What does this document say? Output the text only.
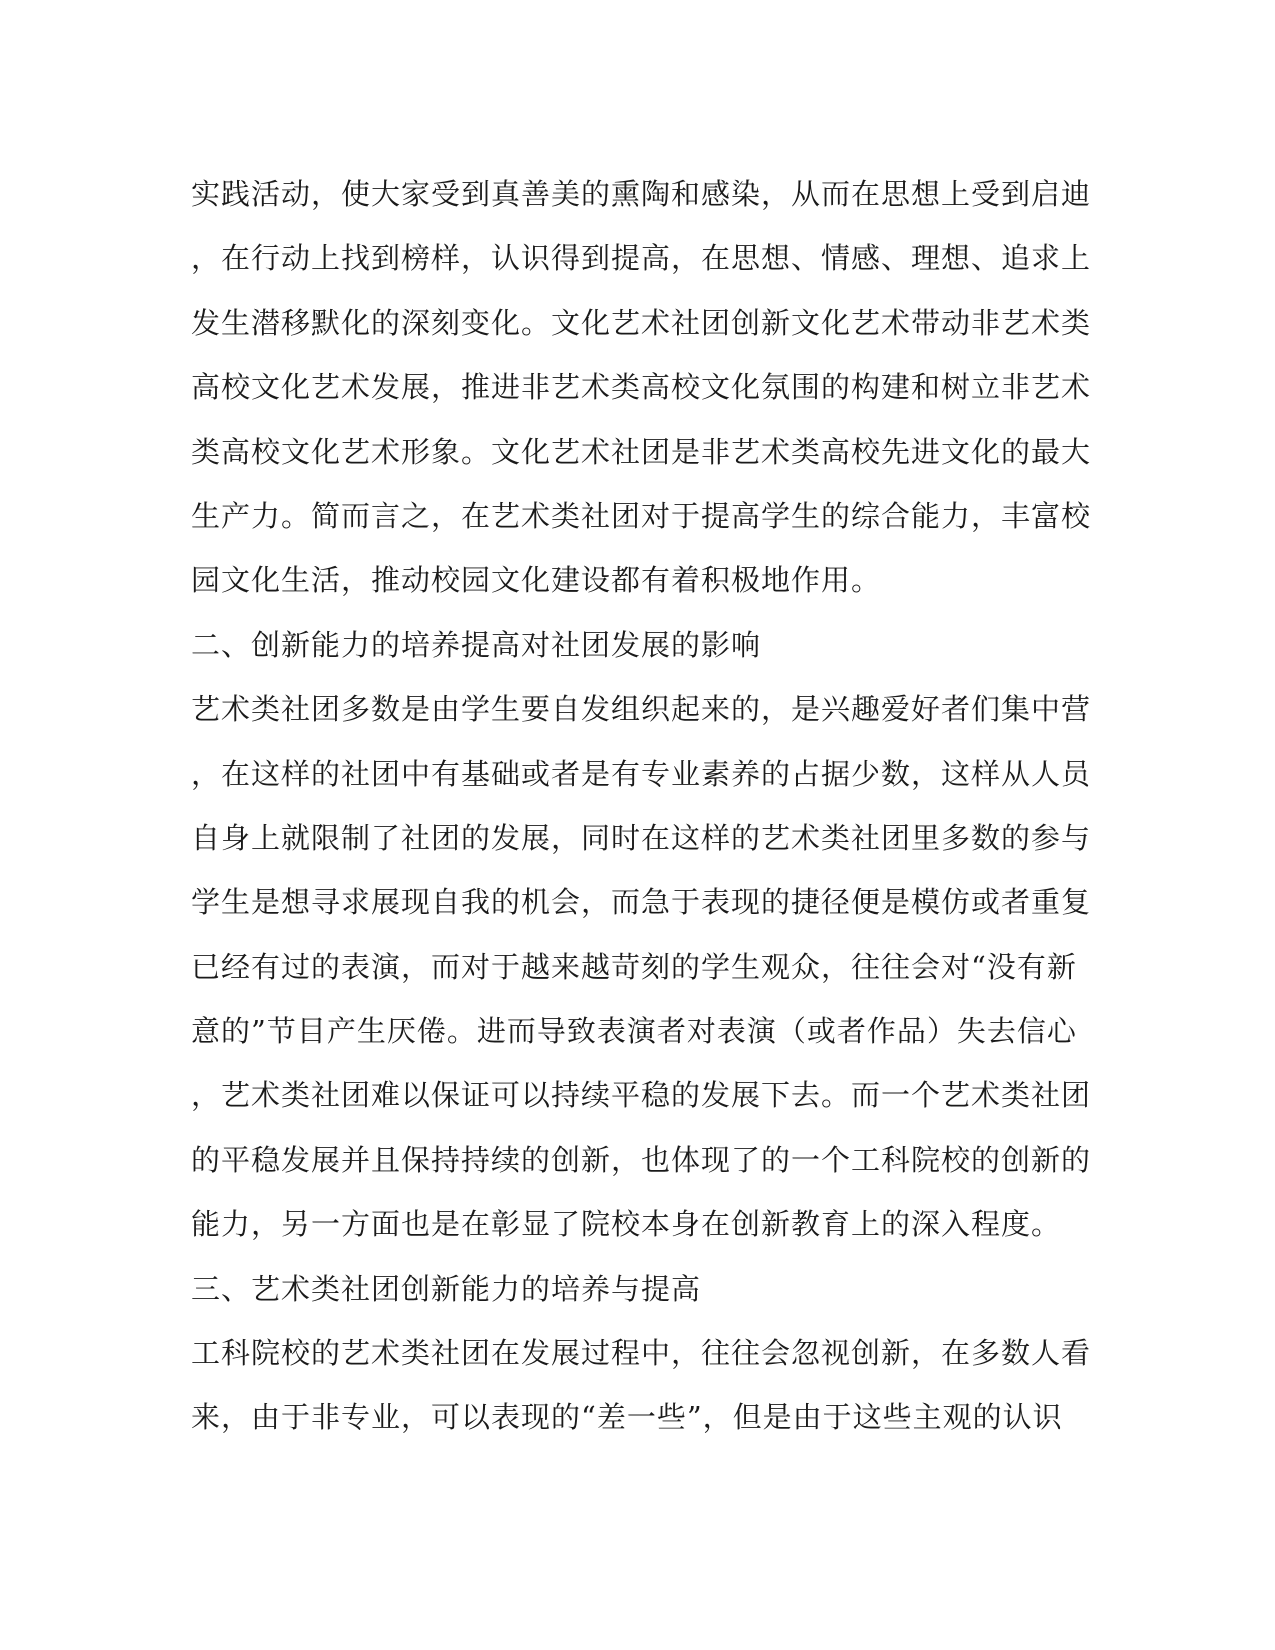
实践活动，使大家受到真善美的熏陶和感染，从而在思想上受到启迪
，在行动上找到榜样，认识得到提高，在思想、情感、理想、追求上
发生潜移默化的深刻变化。文化艺术社团创新文化艺术带动非艺术类
高校文化艺术发展，推进非艺术类高校文化氛围的构建和树立非艺术
类高校文化艺术形象。文化艺术社团是非艺术类高校先进文化的最大
生产力。简而言之，在艺术类社团对于提高学生的综合能力，丰富校
园文化生活，推动校园文化建设都有着积极地作用。
二、创新能力的培养提高对社团发展的影响
艺术类社团多数是由学生要自发组织起来的，是兴趣爱好者们集中营
，在这样的社团中有基础或者是有专业素养的占据少数，这样从人员
自身上就限制了社团的发展，同时在这样的艺术类社团里多数的参与
学生是想寻求展现自我的机会，而急于表现的捷径便是模仿或者重复
已经有过的表演，而对于越来越苛刻的学生观众，往往会对“没有新
意的”节目产生厌倦。进而导致表演者对表演（或者作品）失去信心
，艺术类社团难以保证可以持续平稳的发展下去。而一个艺术类社团
的平稳发展并且保持持续的创新，也体现了的一个工科院校的创新的
能力，另一方面也是在彰显了院校本身在创新教育上的深入程度。
三、艺术类社团创新能力的培养与提高
工科院校的艺术类社团在发展过程中，往往会忽视创新，在多数人看
来，由于非专业，可以表现的“差一些”，但是由于这些主观的认识
